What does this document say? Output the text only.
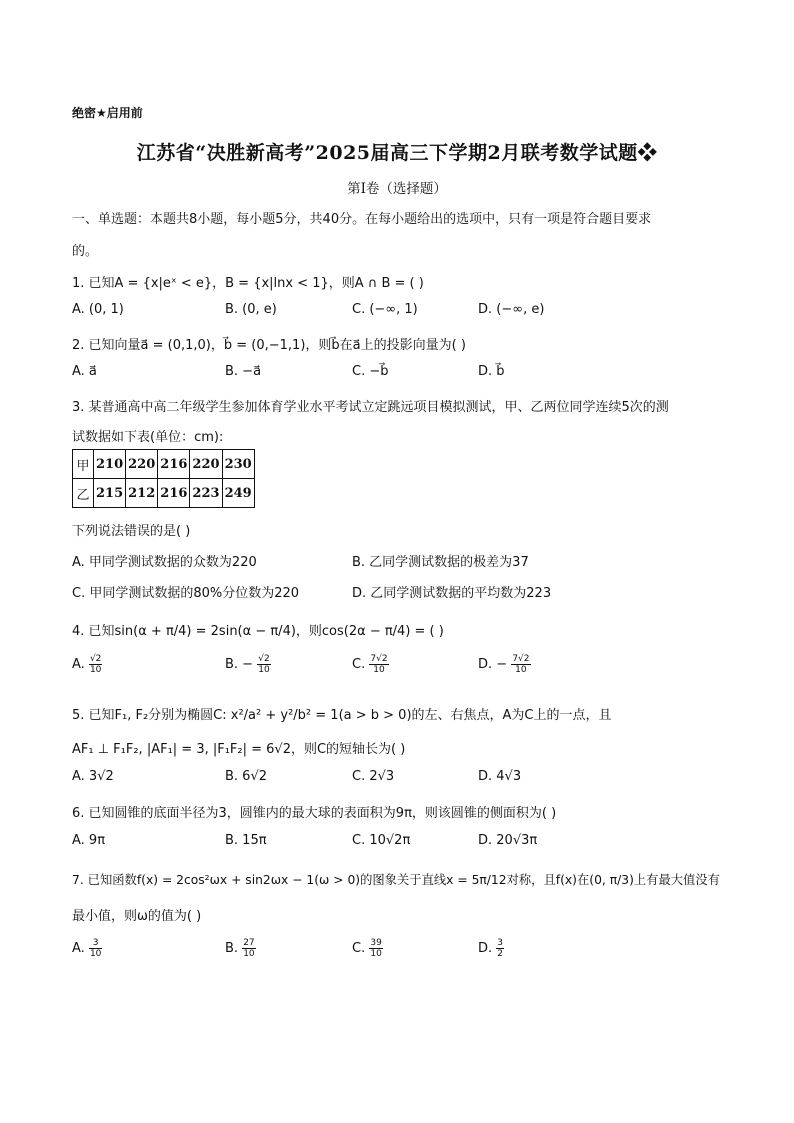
绝密★启用前
江苏省“决胜新高考”2025届高三下学期2月联考数学试题❖
第I卷（选择题）
一、单选题：本题共8小题，每小题5分，共40分。在每小题给出的选项中，只有一项是符合题目要求
的。
1. 已知A = {x|eˣ < e}，B = {x|lnx < 1}，则A ∩ B = ( )
A. (0, 1)	B. (0, e)	C. (−∞, 1)	D. (−∞, e)
2. 已知向量a⃗ = (0,1,0)，b⃗ = (0,−1,1)，则b⃗在a⃗上的投影向量为( )
A. a⃗	B. −a⃗	C. −b⃗	D. b⃗
3. 某普通高中高二年级学生参加体育学业水平考试立定跳远项目模拟测试，甲、乙两位同学连续5次的测
试数据如下表(单位：cm):
甲	210	220	216	220	230
乙	215	212	216	223	249
下列说法错误的是( )
A. 甲同学测试数据的众数为220	B. 乙同学测试数据的极差为37
C. 甲同学测试数据的80%分位数为220	D. 乙同学测试数据的平均数为223
4. 已知sin(α + π/4) = 2sin(α − π/4)，则cos(2α − π/4) = ( )
A. $\frac{√2}{10}$	B. − $\frac{√2}{10}$	C. $\frac{7√2}{10}$	D. − $\frac{7√2}{10}$
5. 已知F₁, F₂分别为椭圆C: x²/a² + y²/b² = 1(a > b > 0)的左、右焦点，A为C上的一点，且
AF₁ ⊥ F₁F₂, |AF₁| = 3, |F₁F₂| = 6√2，则C的短轴长为( )
A. 3√2	B. 6√2	C. 2√3	D. 4√3
6. 已知圆锥的底面半径为3，圆锥内的最大球的表面积为9π，则该圆锥的侧面积为( )
A. 9π	B. 15π	C. 10√2π	D. 20√3π
7. 已知函数f(x) = 2cos²ωx + sin2ωx − 1(ω > 0)的图象关于直线x = 5π/12对称，且f(x)在(0, π/3)上有最大值没有
最小值，则ω的值为( )
A. $\frac{3}{10}$	B. $\frac{27}{10}$	C. $\frac{39}{10}$	D. $\frac{3}{2}$
